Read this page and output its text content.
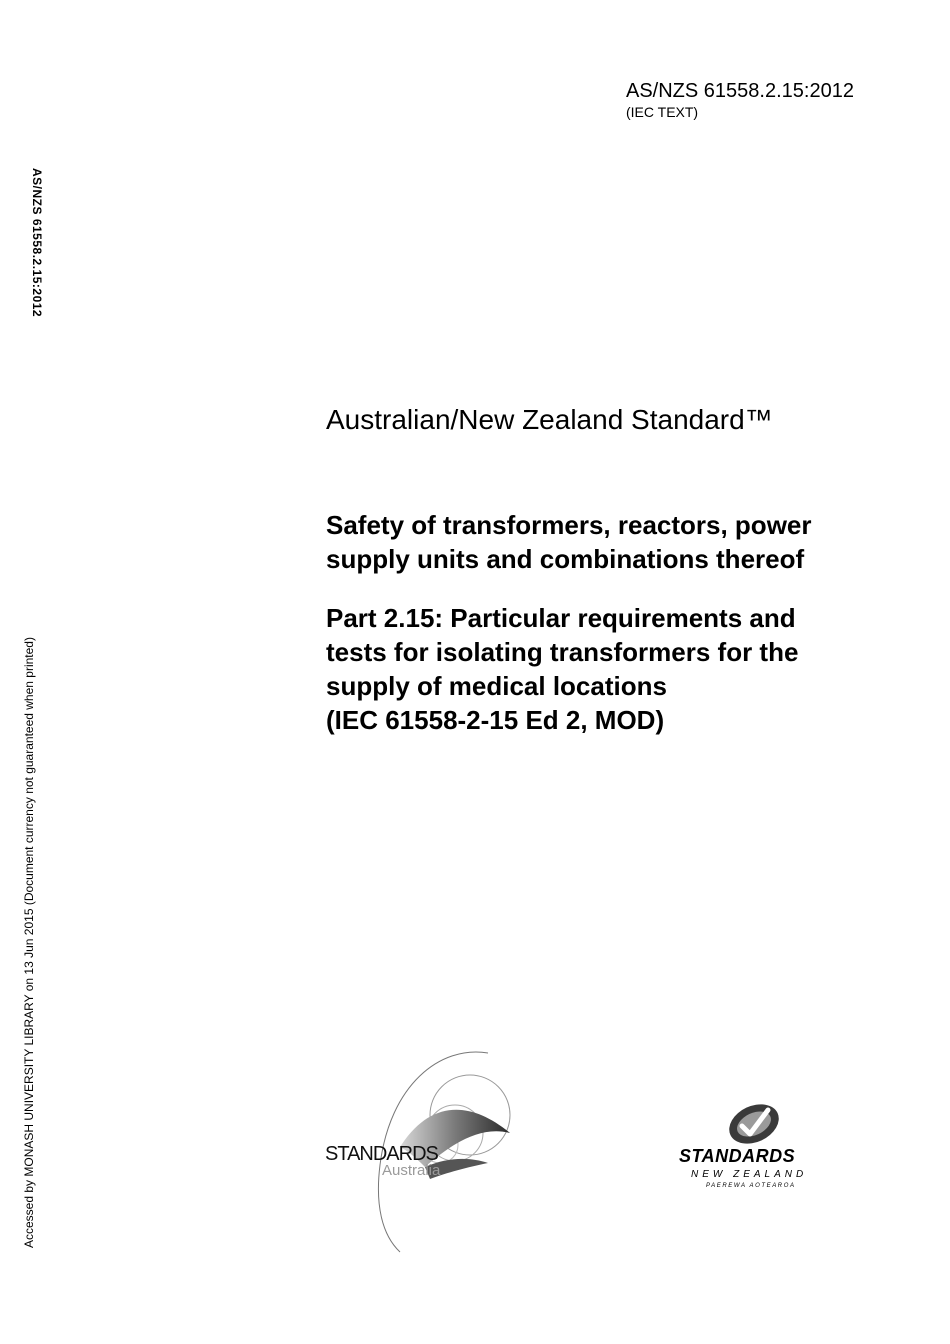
AS/NZS 61558.2.15:2012
(IEC TEXT)
AS/NZS 61558.2.15:2012
Accessed by MONASH UNIVERSITY LIBRARY on 13 Jun 2015 (Document currency not guaranteed when printed)
Australian/New Zealand Standard™
Safety of transformers, reactors, power
supply units and combinations thereof
Part 2.15: Particular requirements and
tests for isolating transformers for the
supply of medical locations
(IEC 61558-2-15 Ed 2, MOD)
STANDARDS
Australia
STANDARDS
NEW ZEALAND
PAEREWA AOTEAROA
